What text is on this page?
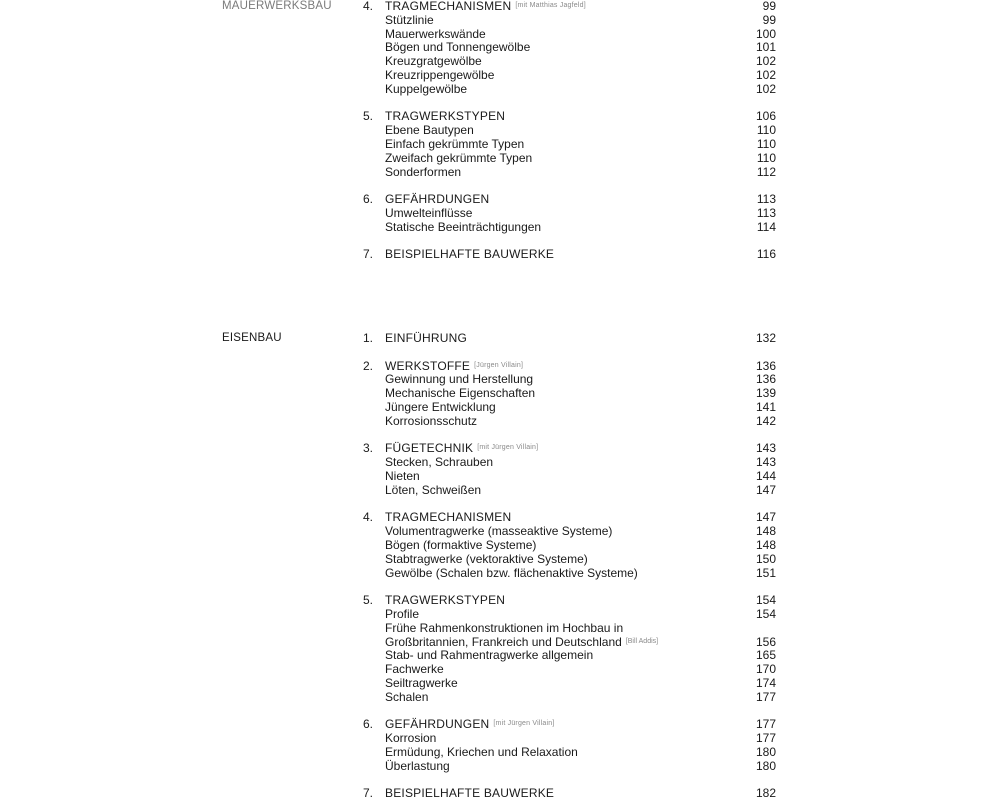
MAUERWERKSBAU	4. TRAGMECHANISMEN [mit Matthias Jagfeld]	99
Stützlinie	99
Mauerwerkswände	100
Bögen und Tonnengewölbe	101
Kreuzgratgewölbe	102
Kreuzrippengewölbe	102
Kuppelgewölbe	102
5. TRAGWERKSTYPEN	106
Ebene Bautypen	110
Einfach gekrümmte Typen	110
Zweifach gekrümmte Typen	110
Sonderformen	112
6. GEFÄHRDUNGEN	113
Umwelteinflüsse	113
Statische Beeinträchtigungen	114
7. BEISPIELHAFTE BAUWERKE	116
EISENBAU	1. EINFÜHRUNG	132
2. WERKSTOFFE [Jürgen Villain]	136
Gewinnung und Herstellung	136
Mechanische Eigenschaften	139
Jüngere Entwicklung	141
Korrosionsschutz	142
3. FÜGETECHNIK [mit Jürgen Villain]	143
Stecken, Schrauben	143
Nieten	144
Löten, Schweißen	147
4. TRAGMECHANISMEN	147
Volumentragwerke (masseaktive Systeme)	148
Bögen (formaktive Systeme)	148
Stabtragwerke (vektoraktive Systeme)	150
Gewölbe (Schalen bzw. flächenaktive Systeme)	151
5. TRAGWERKSTYPEN	154
Profile	154
Frühe Rahmenkonstruktionen im Hochbau in
Großbritannien, Frankreich und Deutschland [Bill Addis]	156
Stab- und Rahmentragwerke allgemein	165
Fachwerke	170
Seiltragwerke	174
Schalen	177
6. GEFÄHRDUNGEN [mit Jürgen Villain]	177
Korrosion	177
Ermüdung, Kriechen und Relaxation	180
Überlastung	180
7. BEISPIELHAFTE BAUWERKE	182
